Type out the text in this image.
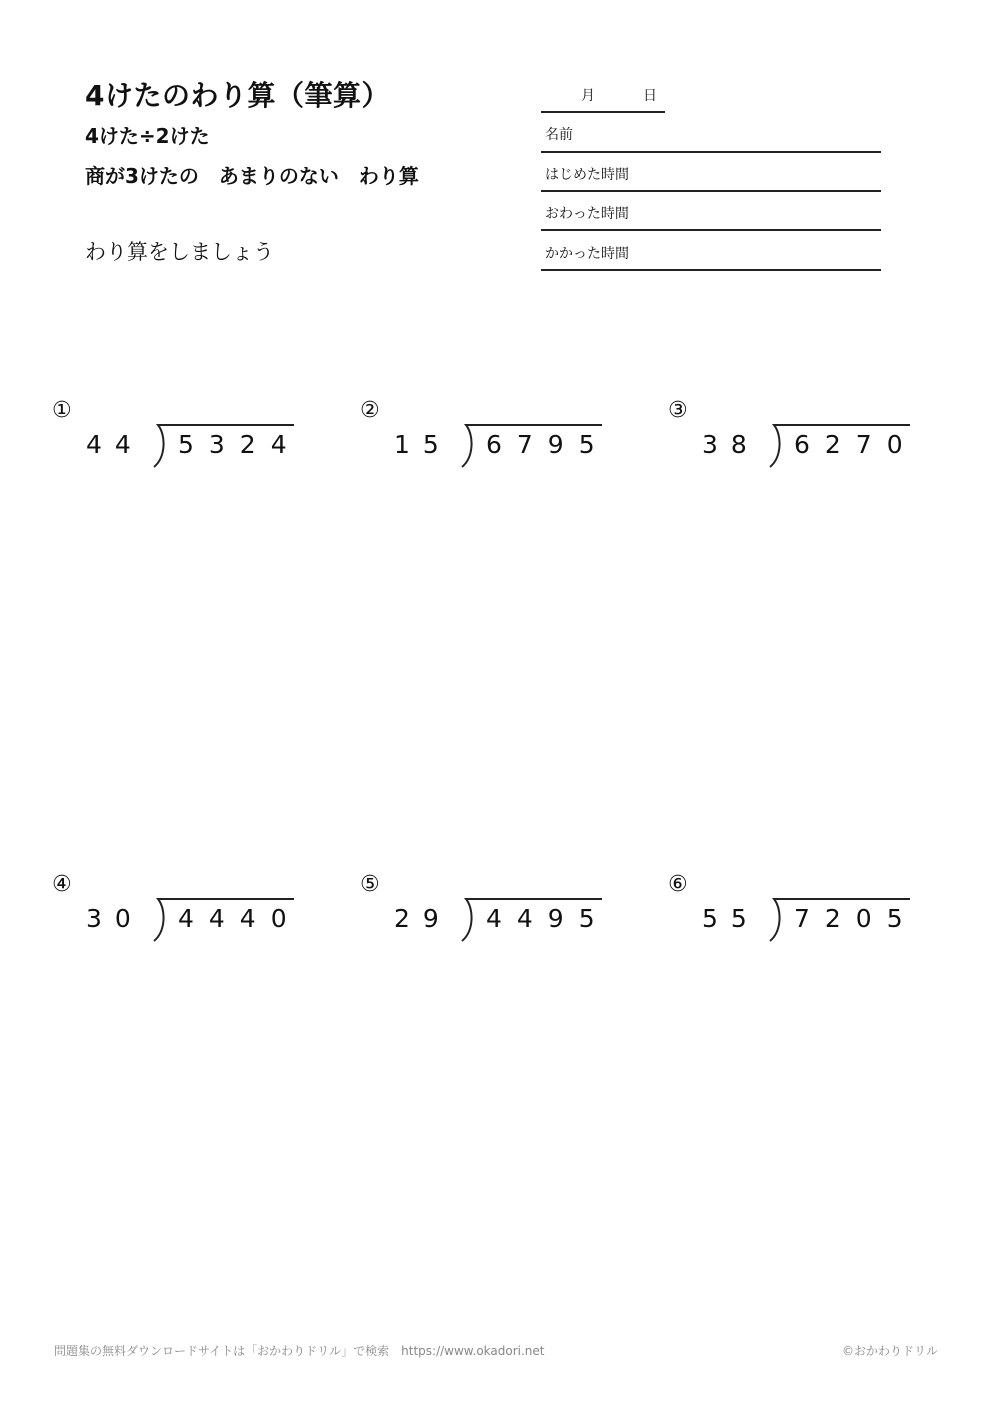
4けたのわり算（筆算）
4けた÷2けた
商が3けたの　あまりのない　わり算
わり算をしましょう
月	日
名前
はじめた時間
おわった時間
かかった時間
①
44 5324
②
15 6795
③
38 6270
④
30 4440
⑤
29 4495
⑥
55 7205
問題集の無料ダウンロードサイトは「おかわりドリル」で検索　https://www.okadori.net	©おかわりドリル
